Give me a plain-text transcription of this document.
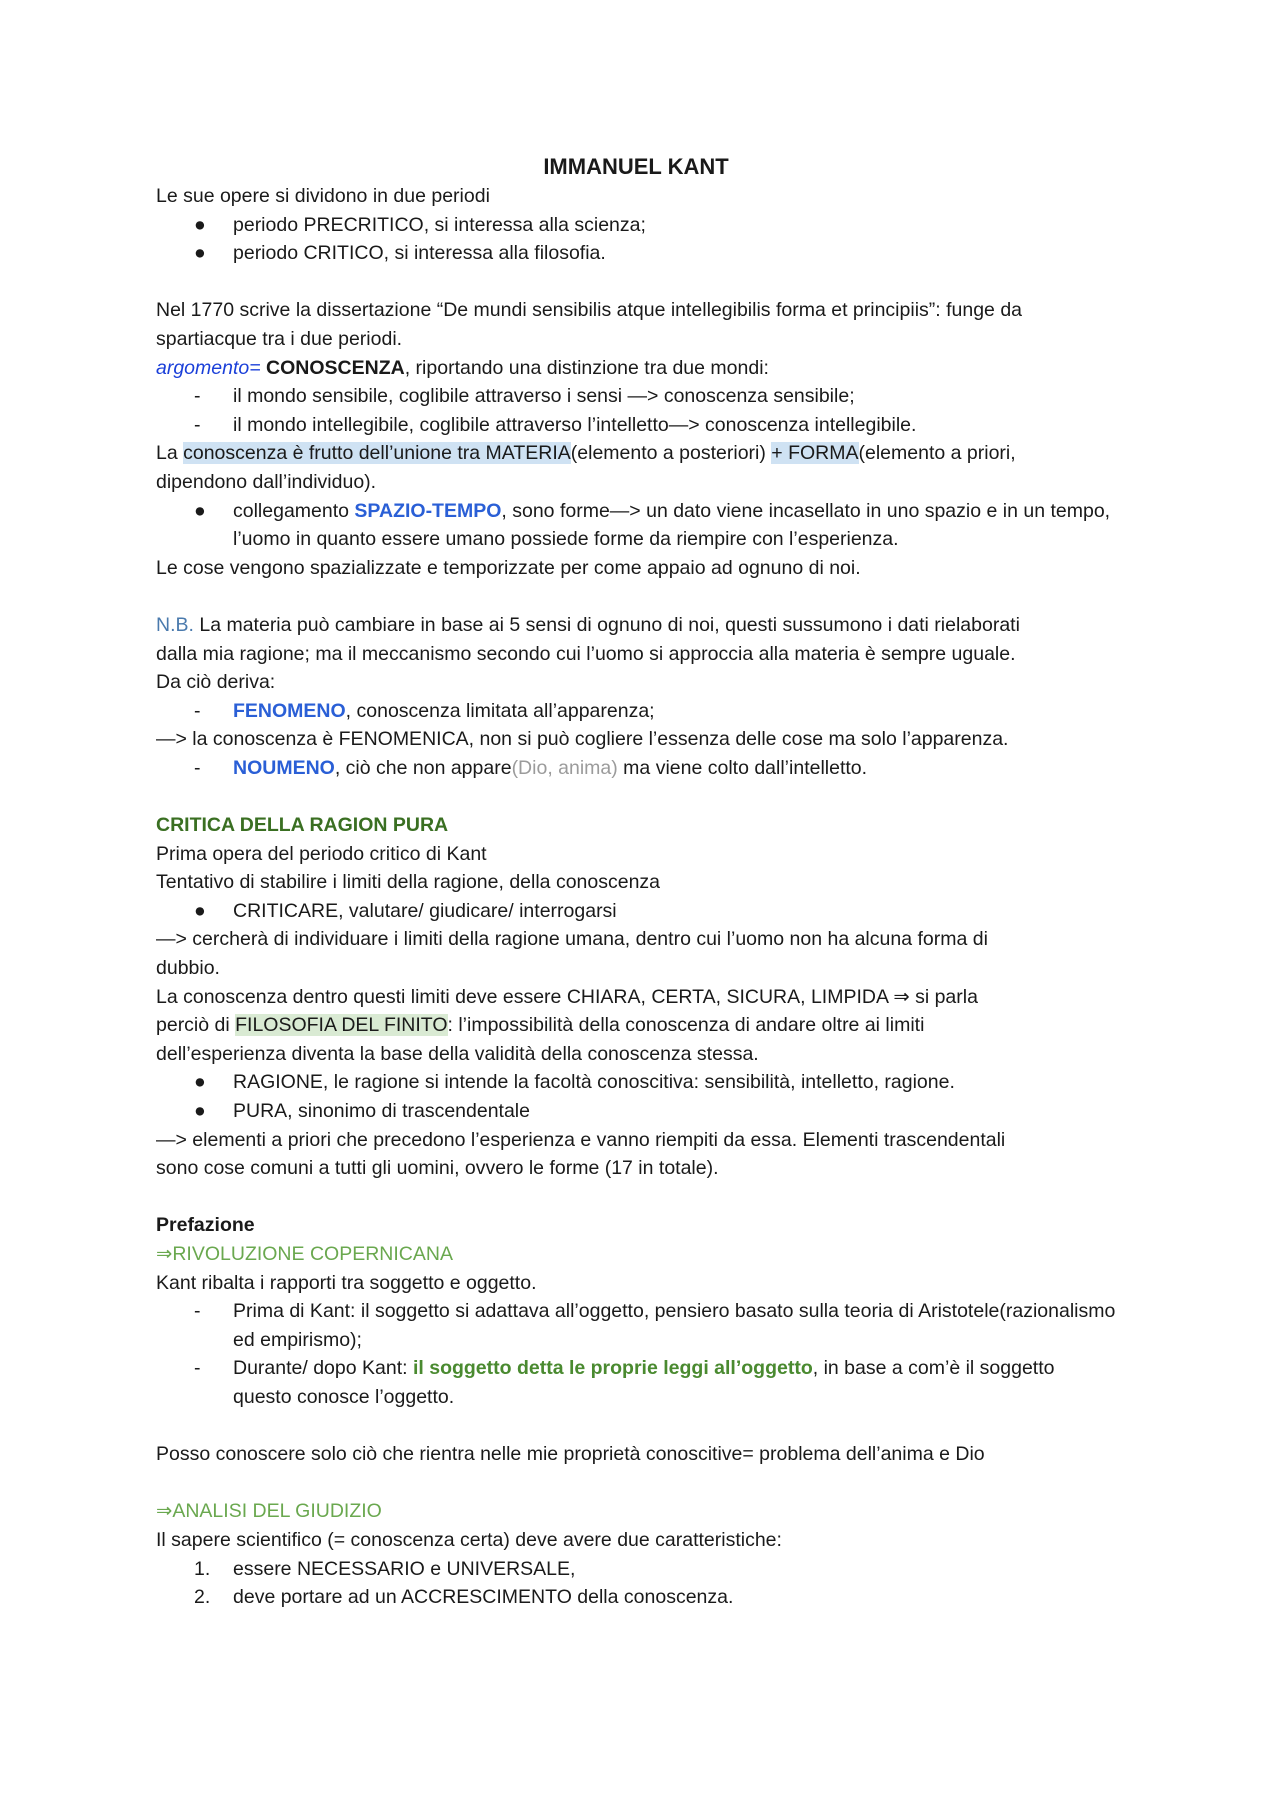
IMMANUEL KANT

Le sue opere si dividono in due periodi

● periodo PRECRITICO, si interessa alla scienza;
● periodo CRITICO, si interessa alla filosofia.

Nel 1770 scrive la dissertazione “De mundi sensibilis atque intellegibilis forma et principiis”: funge da

spartiacque tra i due periodi.

argomento= CONOSCENZA, riportando una distinzione tra due mondi:

- il mondo sensibile, coglibile attraverso i sensi —> conoscenza sensibile;
- il mondo intellegibile, coglibile attraverso l’intelletto—> conoscenza intellegibile.

La conoscenza è frutto dell’unione tra MATERIA(elemento a posteriori) + FORMA(elemento a priori,

dipendono dall’individuo).

● collegamento SPAZIO-TEMPO, sono forme—> un dato viene incasellato in uno spazio e in un tempo, l’uomo in quanto essere umano possiede forme da riempire con l’esperienza.

Le cose vengono spazializzate e temporizzate per come appaio ad ognuno di noi.

N.B. La materia può cambiare in base ai 5 sensi di ognuno di noi, questi sussumono i dati rielaborati

dalla mia ragione; ma il meccanismo secondo cui l’uomo si approccia alla materia è sempre uguale.

Da ciò deriva:

- FENOMENO, conoscenza limitata all’apparenza;

—> la conoscenza è FENOMENICA, non si può cogliere l’essenza delle cose ma solo l’apparenza.

- NOUMENO, ciò che non appare(Dio, anima) ma viene colto dall’intelletto.

CRITICA DELLA RAGION PURA

Prima opera del periodo critico di Kant

Tentativo di stabilire i limiti della ragione, della conoscenza

● CRITICARE, valutare/ giudicare/ interrogarsi

—> cercherà di individuare i limiti della ragione umana, dentro cui l’uomo non ha alcuna forma di

dubbio.

La conoscenza dentro questi limiti deve essere CHIARA, CERTA, SICURA, LIMPIDA ⇒ si parla

perciò di FILOSOFIA DEL FINITO: l’impossibilità della conoscenza di andare oltre ai limiti

dell’esperienza diventa la base della validità della conoscenza stessa.

● RAGIONE, le ragione si intende la facoltà conoscitiva: sensibilità, intelletto, ragione.
● PURA, sinonimo di trascendentale

—> elementi a priori che precedono l’esperienza e vanno riempiti da essa. Elementi trascendentali

sono cose comuni a tutti gli uomini, ovvero le forme (17 in totale).

Prefazione

⇒RIVOLUZIONE COPERNICANA

Kant ribalta i rapporti tra soggetto e oggetto.

- Prima di Kant: il soggetto si adattava all’oggetto, pensiero basato sulla teoria di Aristotele(razionalismo ed empirismo);
- Durante/ dopo Kant: il soggetto detta le proprie leggi all’oggetto, in base a com’è il soggetto questo conosce l’oggetto.

Posso conoscere solo ciò che rientra nelle mie proprietà conoscitive= problema dell’anima e Dio

⇒ANALISI DEL GIUDIZIO

Il sapere scientifico (= conoscenza certa) deve avere due caratteristiche:

1. essere NECESSARIO e UNIVERSALE,
2. deve portare ad un ACCRESCIMENTO della conoscenza.
